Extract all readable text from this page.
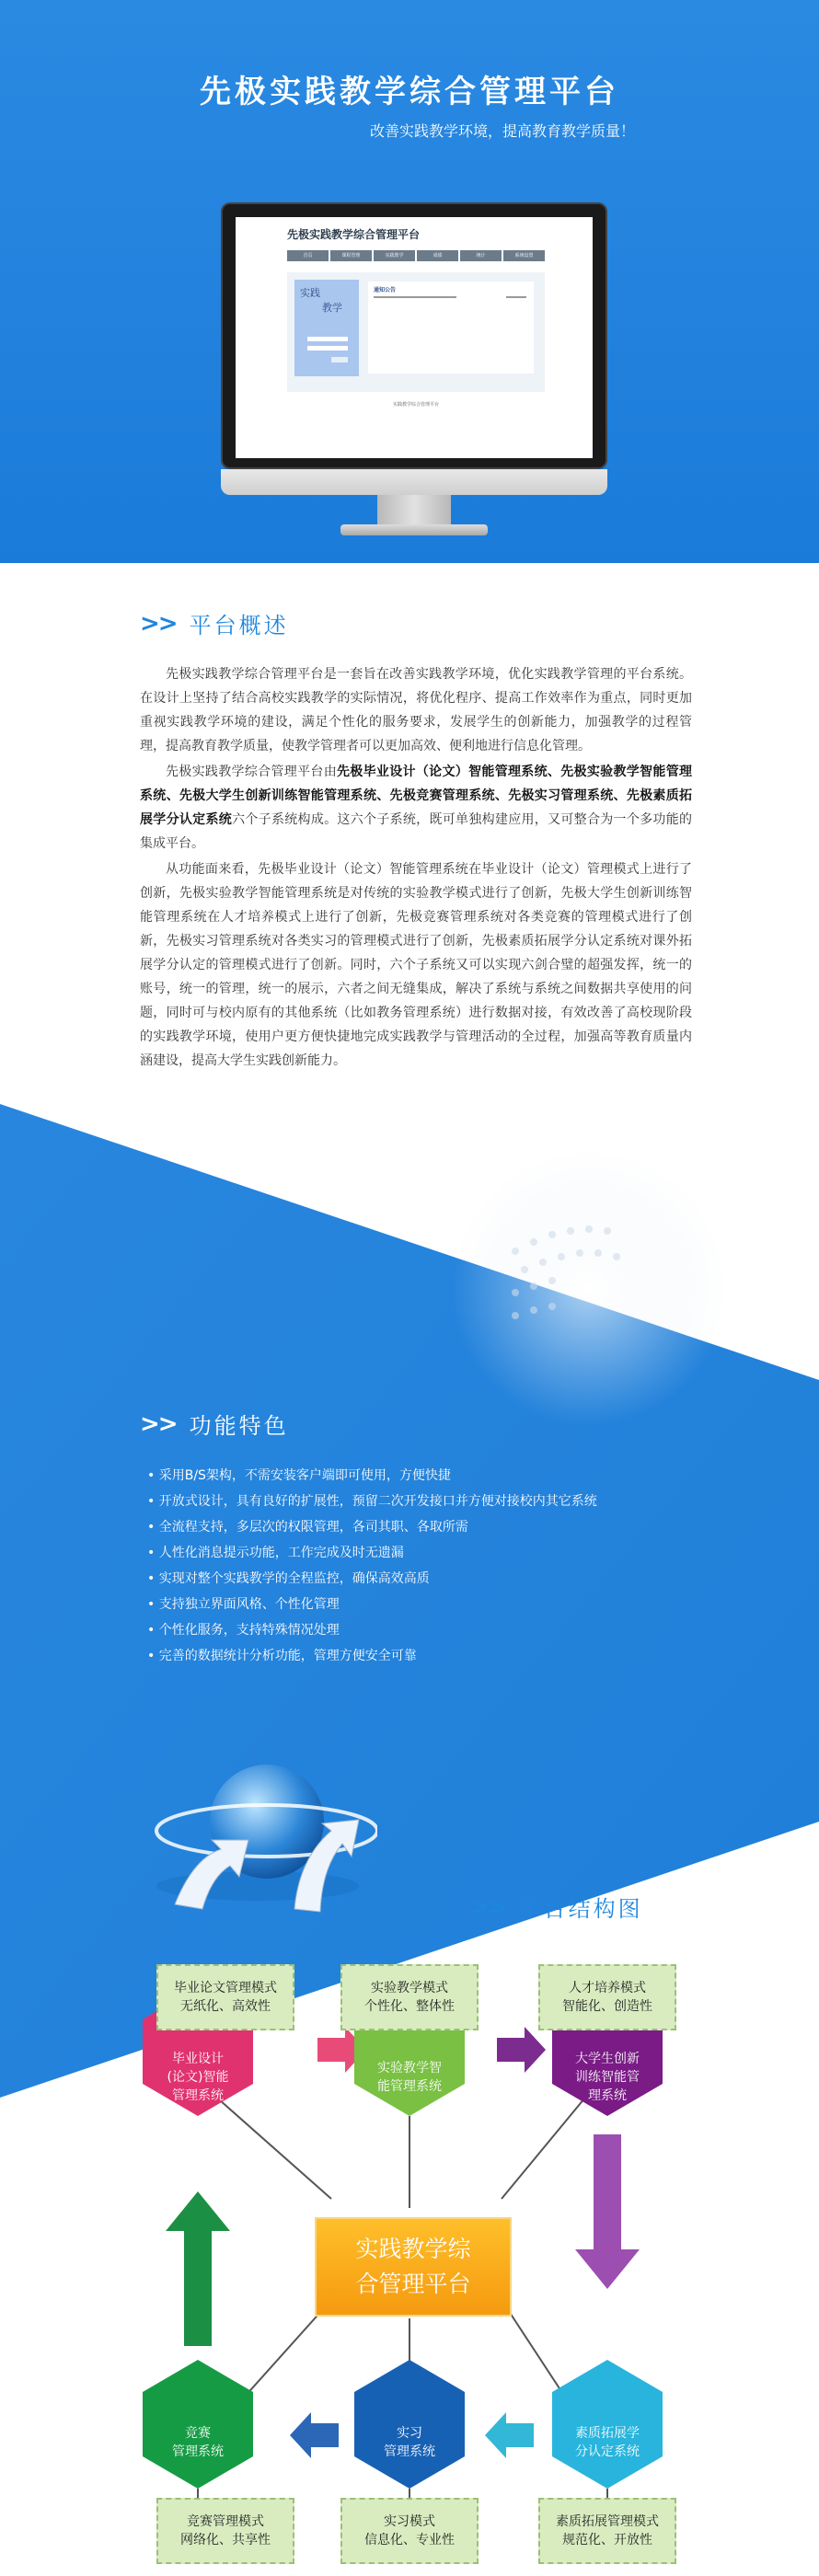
先极实践教学综合管理平台
改善实践教学环境，提高教育教学质量！
先极实践教学综合管理平台
首页	课程管理	实践教学	成绩	统计	系统设置
实践
教学
通知公告
实践教学综合管理平台
>> 平台概述

先极实践教学综合管理平台是一套旨在改善实践教学环境，优化实践教学管理的平台系统。在设计上坚持了结合高校实践教学的实际情况，将优化程序、提高工作效率作为重点，同时更加重视实践教学环境的建设，满足个性化的服务要求，发展学生的创新能力，加强教学的过程管理，提高教育教学质量，使教学管理者可以更加高效、便利地进行信息化管理。

先极实践教学综合管理平台由先极毕业设计（论文）智能管理系统、先极实验教学智能管理系统、先极大学生创新训练智能管理系统、先极竞赛管理系统、先极实习管理系统、先极素质拓展学分认定系统六个子系统构成。这六个子系统，既可单独构建应用，又可整合为一个多功能的集成平台。

从功能面来看，先极毕业设计（论文）智能管理系统在毕业设计（论文）管理模式上进行了创新，先极实验教学智能管理系统是对传统的实验教学模式进行了创新，先极大学生创新训练智能管理系统在人才培养模式上进行了创新，先极竞赛管理系统对各类竞赛的管理模式进行了创新，先极实习管理系统对各类实习的管理模式进行了创新，先极素质拓展学分认定系统对课外拓展学分认定的管理模式进行了创新。同时，六个子系统又可以实现六剑合璧的超强发挥，统一的账号，统一的管理，统一的展示，六者之间无缝集成，解决了系统与系统之间数据共享使用的问题，同时可与校内原有的其他系统（比如教务管理系统）进行数据对接，有效改善了高校现阶段的实践教学环境，使用户更方便快捷地完成实践教学与管理活动的全过程，加强高等教育质量内涵建设，提高大学生实践创新能力。

>> 功能特色
• 采用B/S架构，不需安装客户端即可使用，方便快捷
• 开放式设计，具有良好的扩展性，预留二次开发接口并方便对接校内其它系统
• 全流程支持，多层次的权限管理，各司其职、各取所需
• 人性化消息提示功能，工作完成及时无遗漏
• 实现对整个实践教学的全程监控，确保高效高质
• 支持独立界面风格、个性化管理
• 个性化服务，支持特殊情况处理
• 完善的数据统计分析功能，管理方便安全可靠
>> 平台结构图
毕业论文管理模式
无纸化、高效性
实验教学模式
个性化、整体性
人才培养模式
智能化、创造性
竞赛管理模式
网络化、共享性
实习模式
信息化、专业性
素质拓展管理模式
规范化、开放性
毕业设计
(论文)智能
管理系统
实验教学智
能管理系统
大学生创新
训练智能管
理系统
竞赛
管理系统
实习
管理系统
素质拓展学
分认定系统
实践教学综
合管理平台
